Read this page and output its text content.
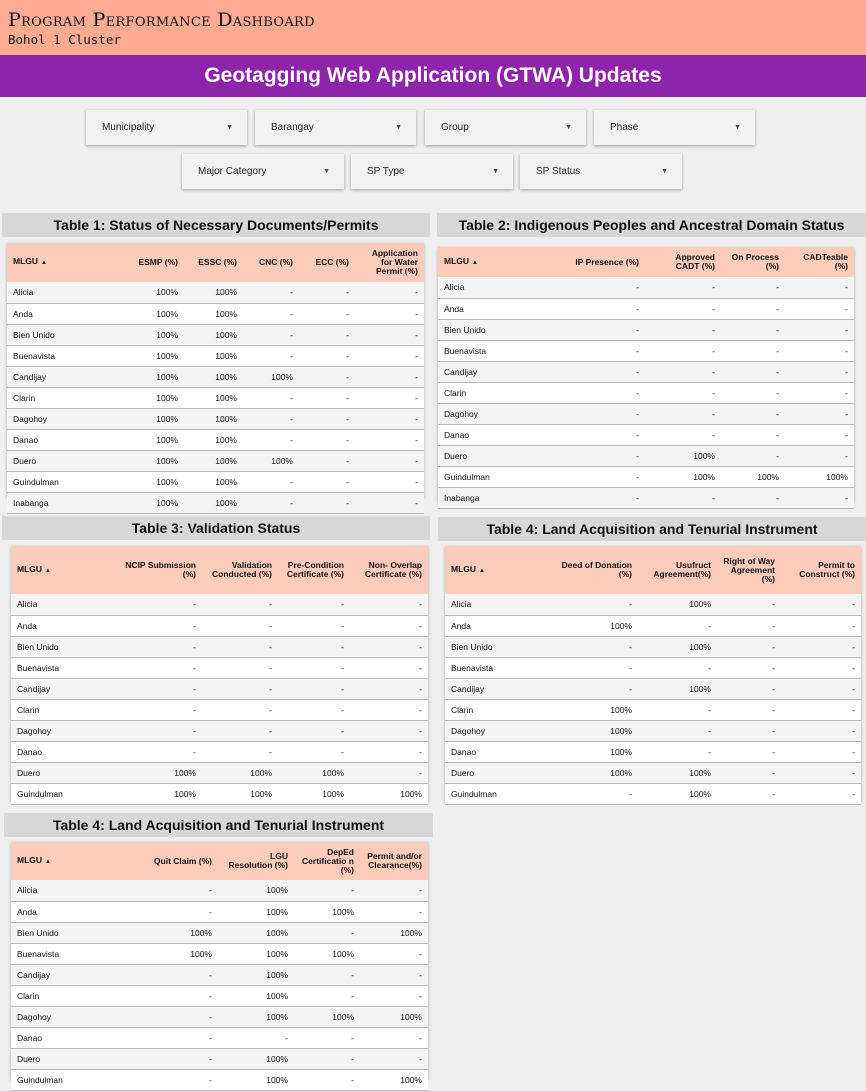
Program Performance Dashboard
Bohol 1 Cluster
Geotagging Web Application (GTWA) Updates
Municipality	▼	Barangay	▼	Group	▼	Phase	▼
Major Category	▼	SP Type	▼	SP Status	▼
Table 1: Status of Necessary Documents/Permits
MLGU ▲	ESMP (%)	ESSC (%)	CNC (%)	ECC (%)	Application for Water Permit (%)
Alicia	100%	100%	-	-	-
Anda	100%	100%	-	-	-
Bien Unido	100%	100%	-	-	-
Buenavista	100%	100%	-	-	-
Candijay	100%	100%	100%	-	-
Clarin	100%	100%	-	-	-
Dagohoy	100%	100%	-	-	-
Danao	100%	100%	-	-	-
Duero	100%	100%	100%	-	-
Guindulman	100%	100%	-	-	-
Inabanga	100%	100%	-	-	-
Table 2: Indigenous Peoples and Ancestral Domain Status
MLGU ▲	IP Presence (%)	Approved CADT (%)	On Process (%)	CADTeable (%)
Alicia	-	-	-	-
Anda	-	-	-	-
Bien Unido	-	-	-	-
Buenavista	-	-	-	-
Candijay	-	-	-	-
Clarin	-	-	-	-
Dagohoy	-	-	-	-
Danao	-	-	-	-
Duero	-	100%	-	-
Guindulman	-	100%	100%	100%
Inabanga	-	-	-	-
Table 3: Validation Status
MLGU ▲	NCIP Submission (%)	Validation Conducted (%)	Pre-Condition Certificate (%)	Non- Overlap Certificate (%)
Alicia	-	-	-	-
Anda	-	-	-	-
Bien Unido	-	-	-	-
Buenavista	-	-	-	-
Candijay	-	-	-	-
Clarin	-	-	-	-
Dagohoy	-	-	-	-
Danao	-	-	-	-
Duero	100%	100%	100%	-
Guindulman	100%	100%	100%	100%
Table 4: Land Acquisition and Tenurial Instrument
MLGU ▲	Deed of Donation (%)	Usufruct Agreement(%)	Right of Way Agreement (%)	Permit to Construct (%)
Alicia	-	100%	-	-
Anda	100%	-	-	-
Bien Unido	-	100%	-	-
Buenavista	-	-	-	-
Candijay	-	100%	-	-
Clarin	100%	-	-	-
Dagohoy	100%	-	-	-
Danao	100%	-	-	-
Duero	100%	100%	-	-
Guindulman	-	100%	-	-
Table 4: Land Acquisition and Tenurial Instrument
MLGU ▲	Quit Claim (%)	LGU Resolution (%)	DepEd Certificatio n (%)	Permit and/or Clearance(%)
Alicia	-	100%	-	-
Anda	-	100%	100%	-
Bien Unido	100%	100%	-	100%
Buenavista	100%	100%	100%	-
Candijay	-	100%	-	-
Clarin	-	100%	-	-
Dagohoy	-	100%	100%	100%
Danao	-	-	-	-
Duero	-	100%	-	-
Guindulman	-	100%	-	100%
